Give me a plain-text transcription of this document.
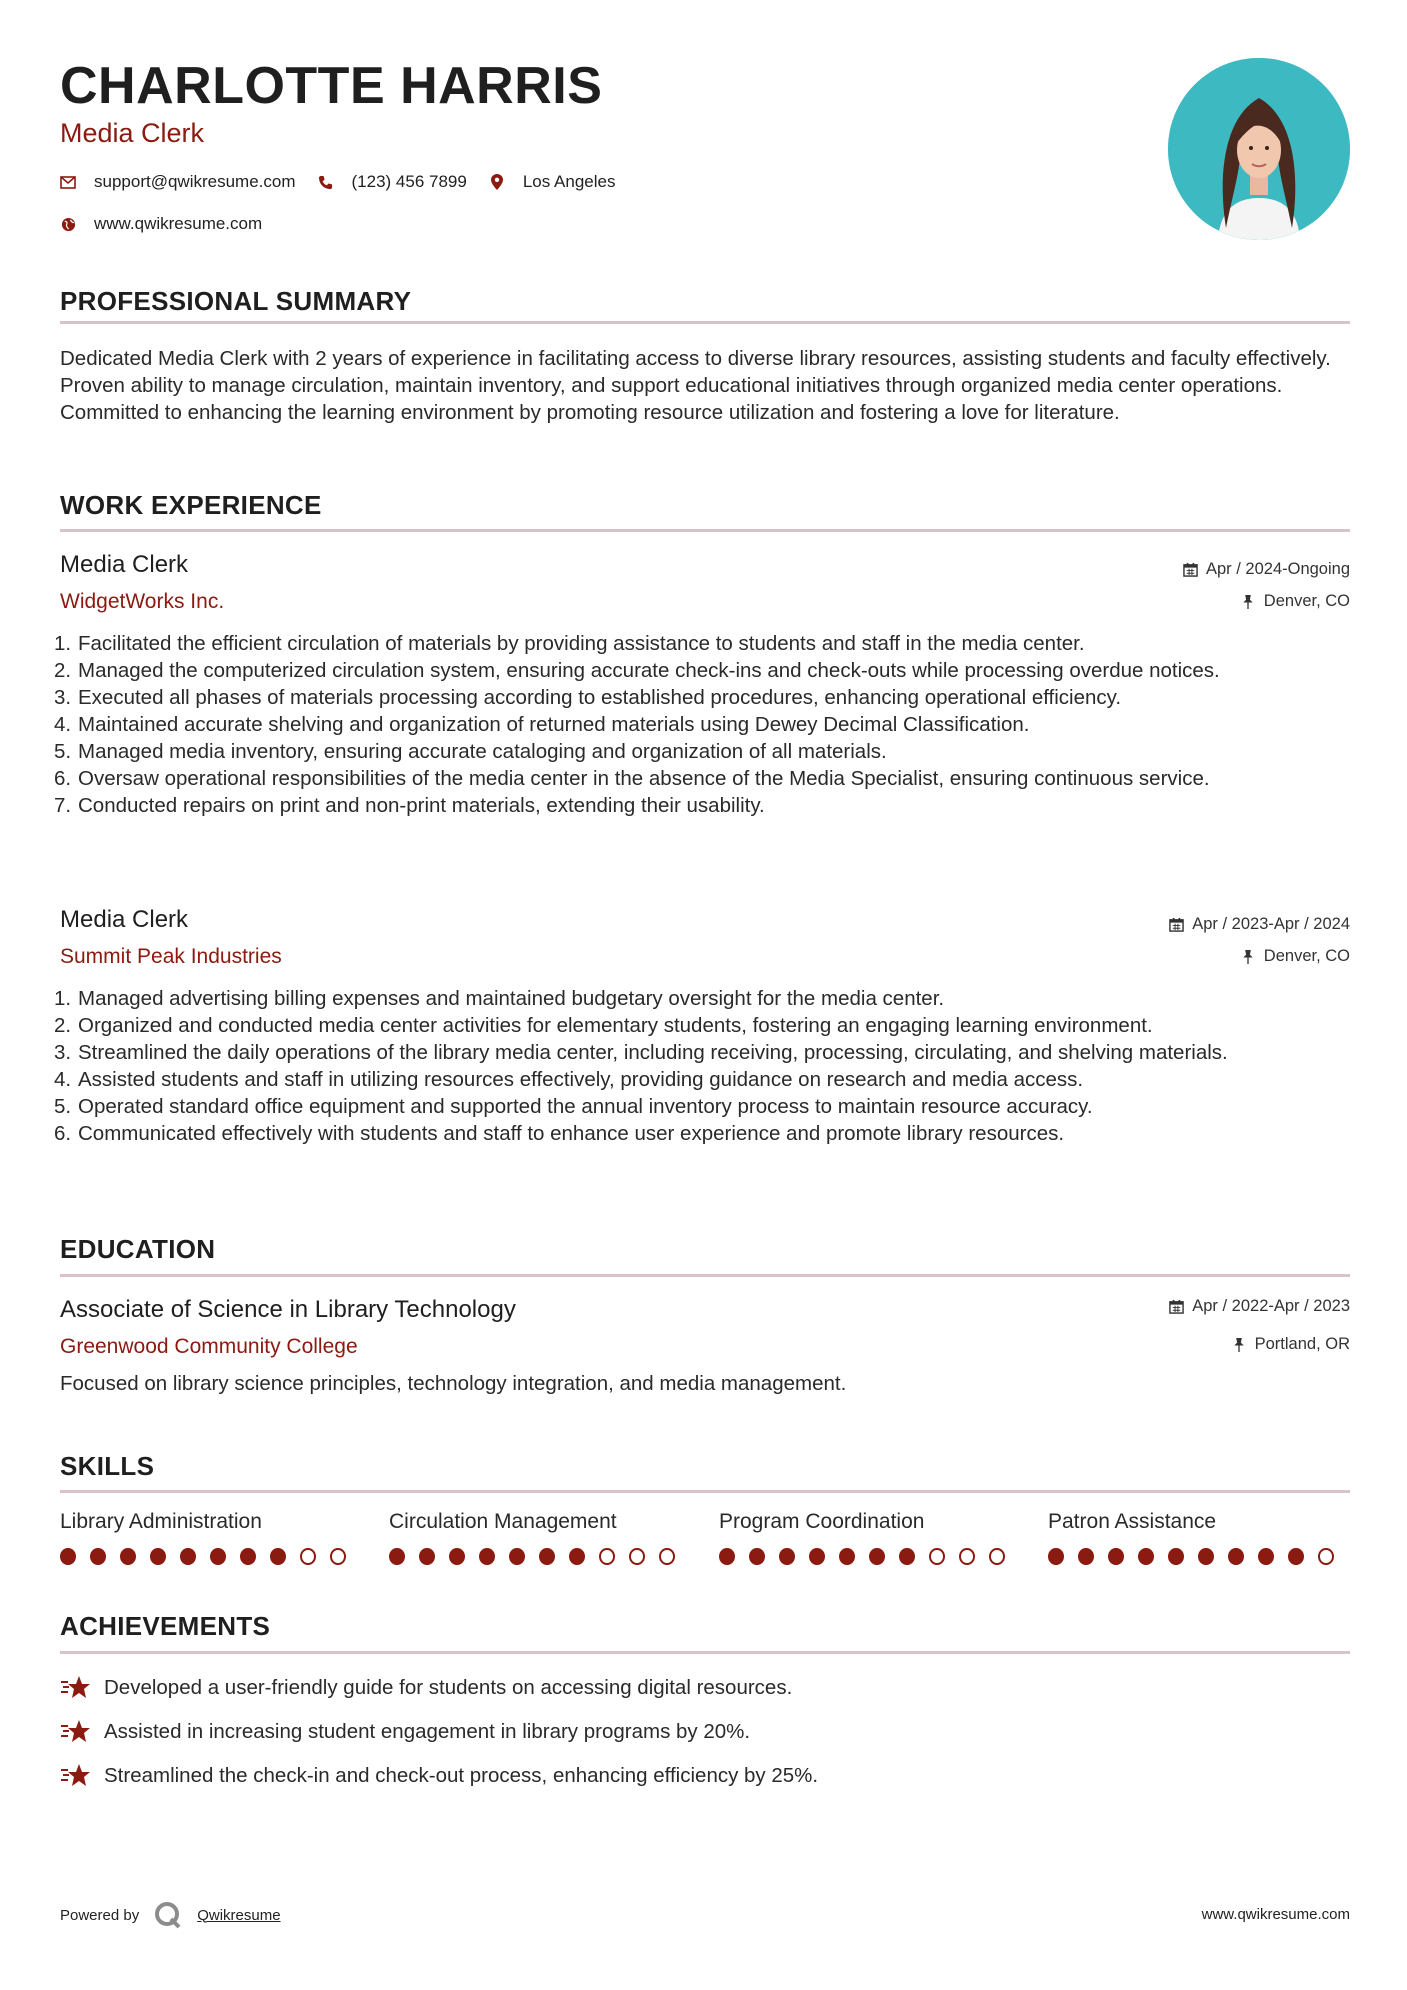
CHARLOTTE HARRIS
Media Clerk
support@qwikresume.com	(123) 456 7899	Los Angeles
www.qwikresume.com
PROFESSIONAL SUMMARY
Dedicated Media Clerk with 2 years of experience in facilitating access to diverse library resources, assisting students and faculty effectively. Proven ability to manage circulation, maintain inventory, and support educational initiatives through organized media center operations. Committed to enhancing the learning environment by promoting resource utilization and fostering a love for literature.
WORK EXPERIENCE
Media Clerk
WidgetWorks Inc.
Apr / 2024-Ongoing
Denver, CO
1. Facilitated the efficient circulation of materials by providing assistance to students and staff in the media center.
2. Managed the computerized circulation system, ensuring accurate check-ins and check-outs while processing overdue notices.
3. Executed all phases of materials processing according to established procedures, enhancing operational efficiency.
4. Maintained accurate shelving and organization of returned materials using Dewey Decimal Classification.
5. Managed media inventory, ensuring accurate cataloging and organization of all materials.
6. Oversaw operational responsibilities of the media center in the absence of the Media Specialist, ensuring continuous service.
7. Conducted repairs on print and non-print materials, extending their usability.
Media Clerk
Summit Peak Industries
Apr / 2023-Apr / 2024
Denver, CO
1. Managed advertising billing expenses and maintained budgetary oversight for the media center.
2. Organized and conducted media center activities for elementary students, fostering an engaging learning environment.
3. Streamlined the daily operations of the library media center, including receiving, processing, circulating, and shelving materials.
4. Assisted students and staff in utilizing resources effectively, providing guidance on research and media access.
5. Operated standard office equipment and supported the annual inventory process to maintain resource accuracy.
6. Communicated effectively with students and staff to enhance user experience and promote library resources.
EDUCATION
Associate of Science in Library Technology
Greenwood Community College
Apr / 2022-Apr / 2023
Portland, OR
Focused on library science principles, technology integration, and media management.
SKILLS
Library Administration	Circulation Management	Program Coordination	Patron Assistance
ACHIEVEMENTS
Developed a user-friendly guide for students on accessing digital resources.
Assisted in increasing student engagement in library programs by 20%.
Streamlined the check-in and check-out process, enhancing efficiency by 25%.
Powered by	Qwikresume	www.qwikresume.com
